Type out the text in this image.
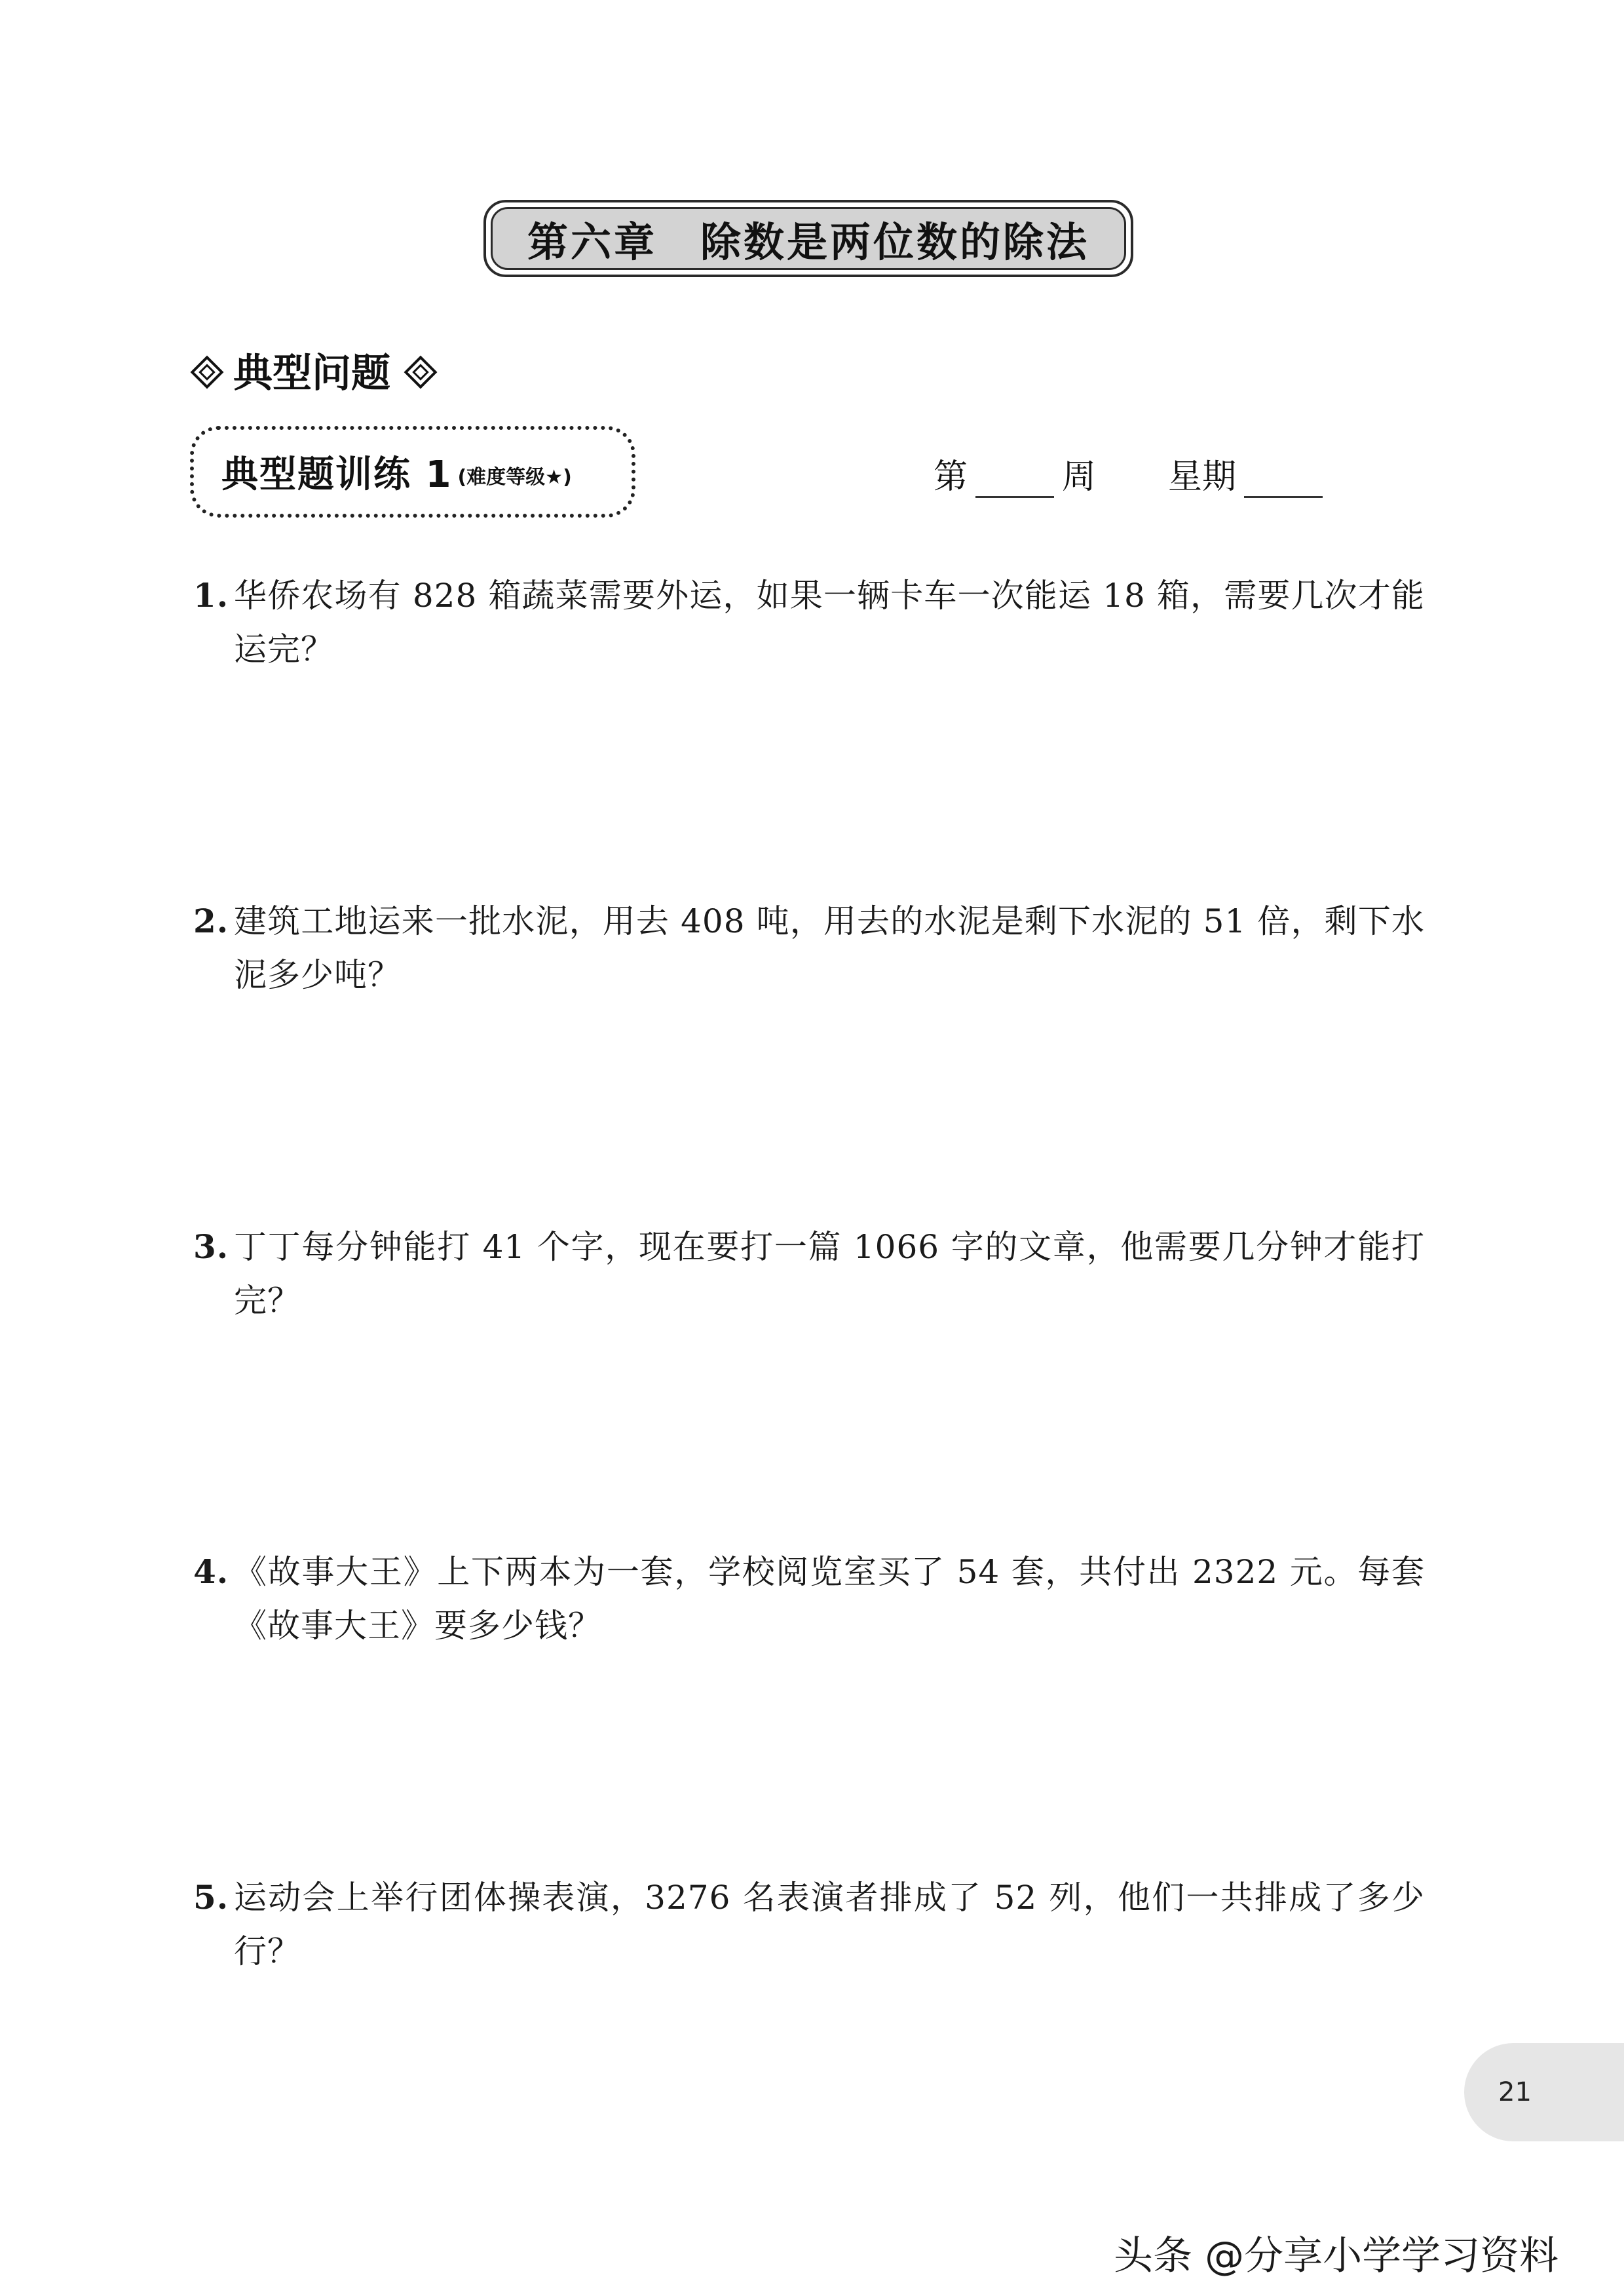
第六章　除数是两位数的除法
典型问题
典型题训练 1 (难度等级★)	第	周 星期
1. 华侨农场有 828 箱蔬菜需要外运，如果一辆卡车一次能运 18 箱，需要几次才能运完？
2. 建筑工地运来一批水泥，用去 408 吨，用去的水泥是剩下水泥的 51 倍，剩下水泥多少吨？
3. 丁丁每分钟能打 41 个字，现在要打一篇 1066 字的文章，他需要几分钟才能打完？
4. 《故事大王》上下两本为一套，学校阅览室买了 54 套，共付出 2322 元。每套《故事大王》要多少钱？
5. 运动会上举行团体操表演，3276 名表演者排成了 52 列，他们一共排成了多少行？
21
头条 @分享小学学习资料
